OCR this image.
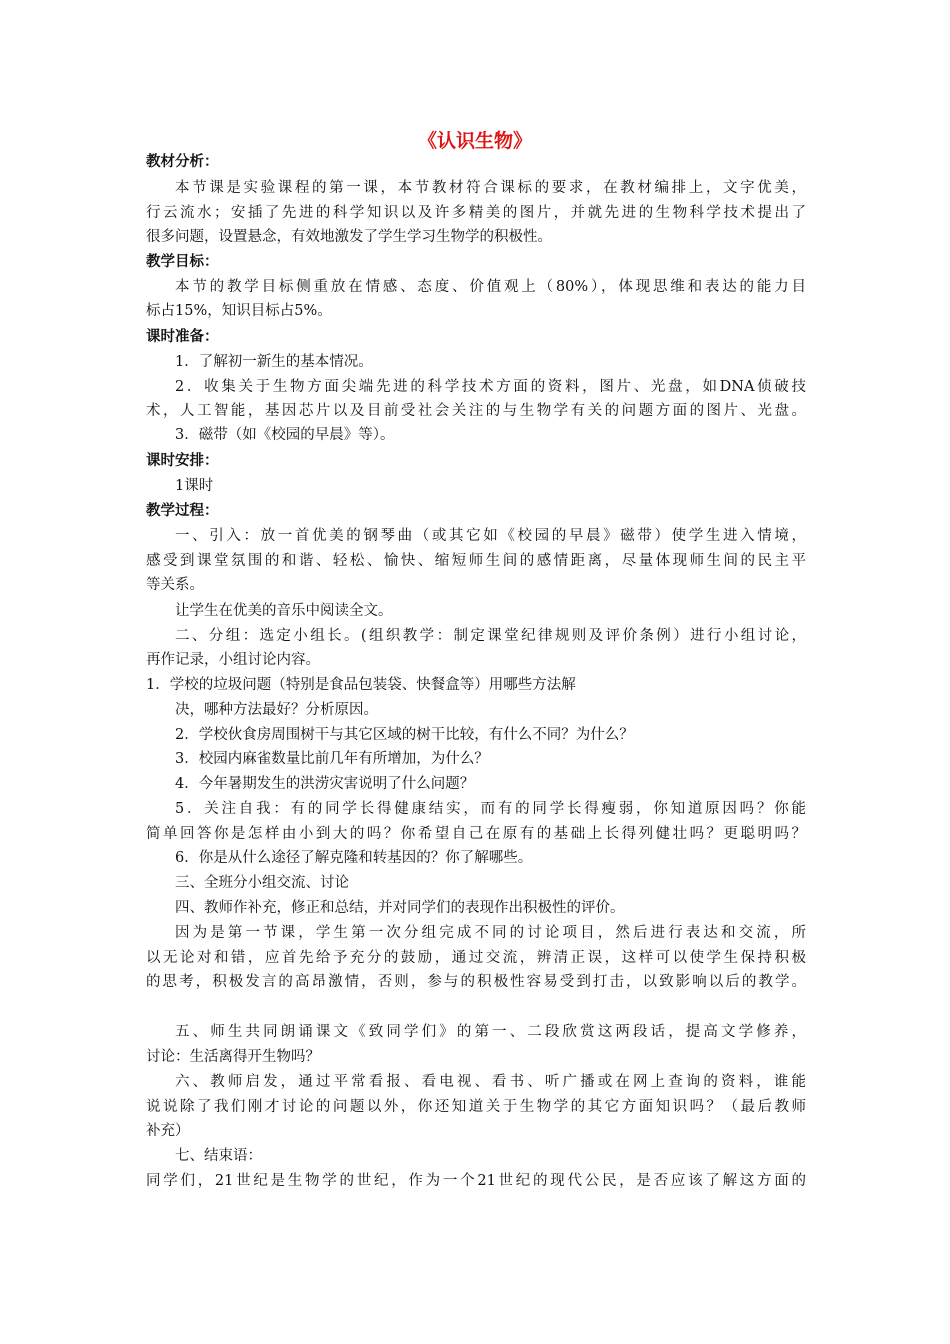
《认识生物》
教材分析：
本节课是实验课程的第一课，本节教材符合课标的要求，在教材编排上，文字优美，
行云流水；安插了先进的科学知识以及许多精美的图片，并就先进的生物科学技术提出了
很多问题，设置悬念，有效地激发了学生学习生物学的积极性。
教学目标：
本节的教学目标侧重放在情感、态度、价值观上（80%），体现思维和表达的能力目
标占15%，知识目标占5%。
课时准备：
1．了解初一新生的基本情况。
2．收集关于生物方面尖端先进的科学技术方面的资料，图片、光盘，如DNA侦破技
术，人工智能，基因芯片以及目前受社会关注的与生物学有关的问题方面的图片、光盘。
3．磁带（如《校园的早晨》等）。
课时安排：
1课时
教学过程：
一、引入：放一首优美的钢琴曲（或其它如《校园的早晨》磁带）使学生进入情境，
感受到课堂氛围的和谐、轻松、愉快、缩短师生间的感情距离，尽量体现师生间的民主平
等关系。
让学生在优美的音乐中阅读全文。
二、分组：选定小组长。(组织教学：制定课堂纪律规则及评价条例）进行小组讨论，
再作记录，小组讨论内容。
1．学校的垃圾问题（特别是食品包装袋、快餐盒等）用哪些方法解
决，哪种方法最好？分析原因。
2．学校伙食房周围树干与其它区域的树干比较，有什么不同？为什么？
3．校园内麻雀数量比前几年有所增加，为什么？
4．今年暑期发生的洪涝灾害说明了什么问题？
5．关注自我：有的同学长得健康结实，而有的同学长得瘦弱，你知道原因吗？你能
简单回答你是怎样由小到大的吗？你希望自己在原有的基础上长得列健壮吗？更聪明吗？
6．你是从什么途径了解克隆和转基因的？你了解哪些。
三、全班分小组交流、讨论
四、教师作补充，修正和总结，并对同学们的表现作出积极性的评价。
因为是第一节课，学生第一次分组完成不同的讨论项目，然后进行表达和交流，所
以无论对和错，应首先给予充分的鼓励，通过交流，辨清正误，这样可以使学生保持积极
的思考，积极发言的高昂激情，否则，参与的积极性容易受到打击，以致影响以后的教学。
五、师生共同朗诵课文《致同学们》的第一、二段欣赏这两段话，提高文学修养，
讨论：生活离得开生物吗？
六、教师启发，通过平常看报、看电视、看书、听广播或在网上查询的资料，谁能
说说除了我们刚才讨论的问题以外，你还知道关于生物学的其它方面知识吗？（最后教师
补充）
七、结束语：
同学们，21世纪是生物学的世纪，作为一个21世纪的现代公民，是否应该了解这方面的
